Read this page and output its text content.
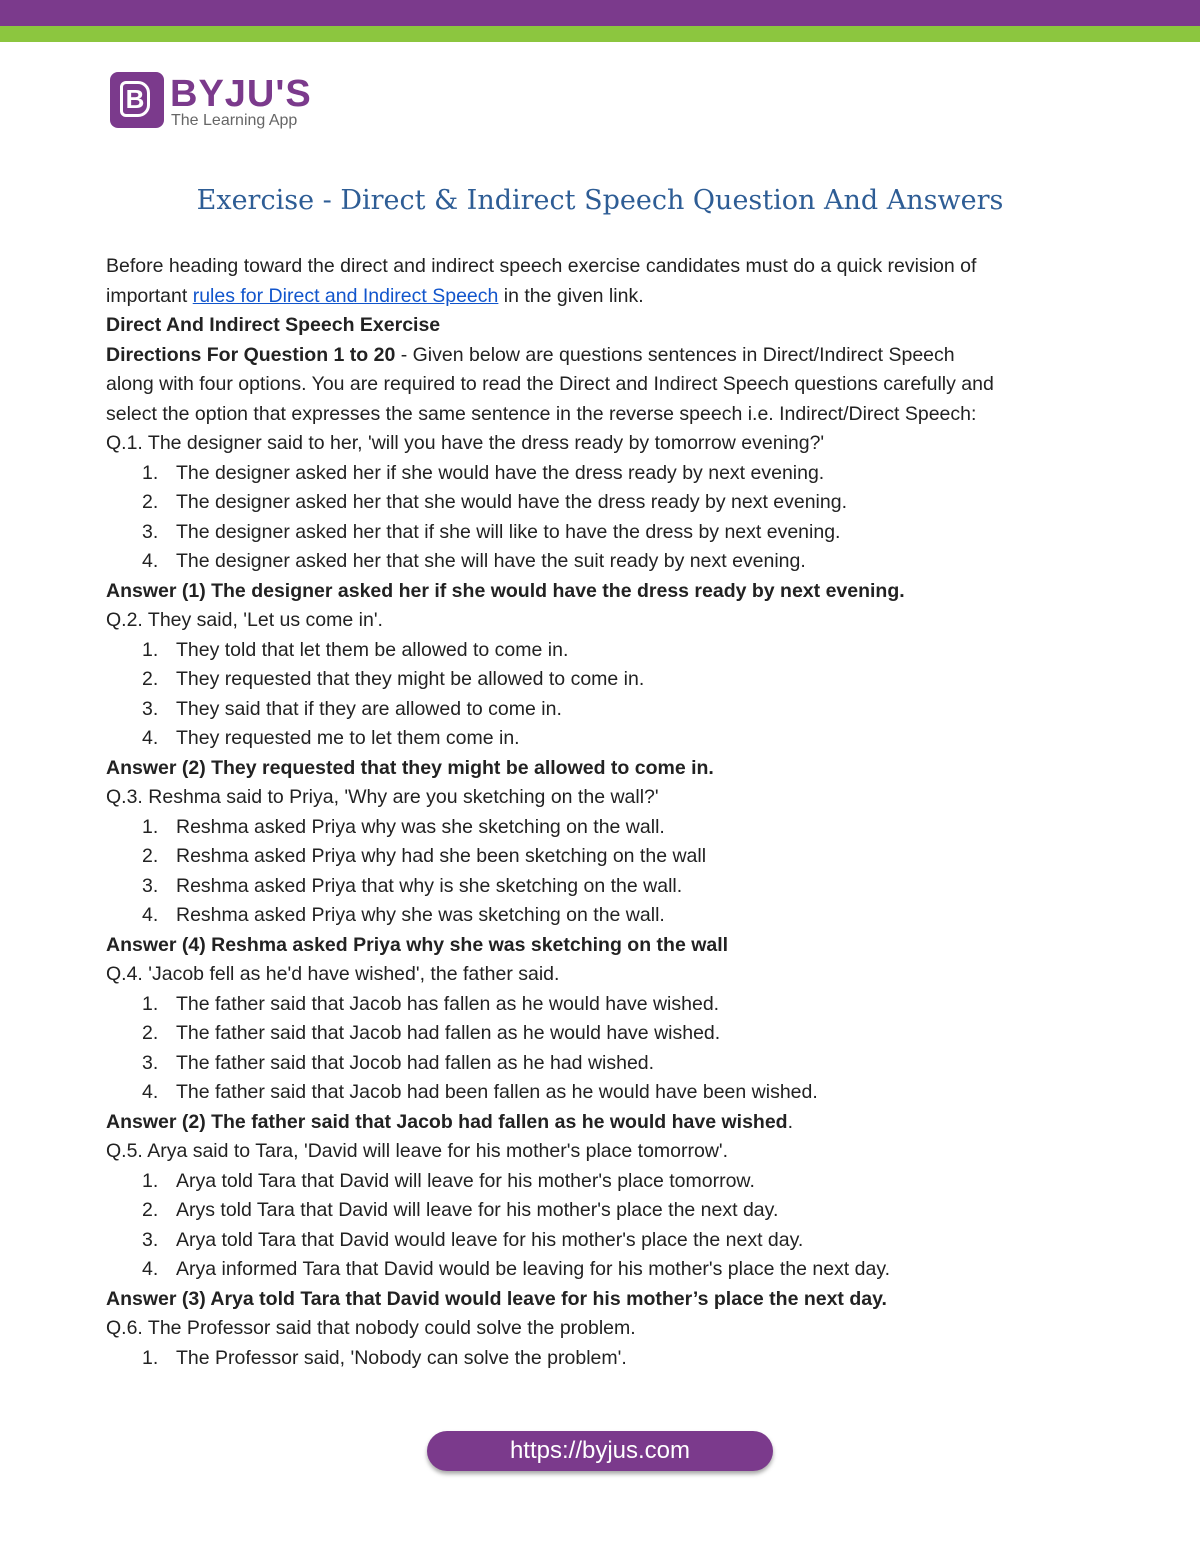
B BYJU'S
The Learning App
Exercise - Direct & Indirect Speech Question And Answers
Before heading toward the direct and indirect speech exercise candidates must do a quick revision of
important rules for Direct and Indirect Speech in the given link.
Direct And Indirect Speech Exercise
Directions For Question 1 to 20 - Given below are questions sentences in Direct/Indirect Speech
along with four options. You are required to read the Direct and Indirect Speech questions carefully and
select the option that expresses the same sentence in the reverse speech i.e. Indirect/Direct Speech:
Q.1. The designer said to her, 'will you have the dress ready by tomorrow evening?'
1. The designer asked her if she would have the dress ready by next evening.
2. The designer asked her that she would have the dress ready by next evening.
3. The designer asked her that if she will like to have the dress by next evening.
4. The designer asked her that she will have the suit ready by next evening.
Answer (1) The designer asked her if she would have the dress ready by next evening.
Q.2. They said, 'Let us come in'.
1. They told that let them be allowed to come in.
2. They requested that they might be allowed to come in.
3. They said that if they are allowed to come in.
4. They requested me to let them come in.
Answer (2) They requested that they might be allowed to come in.
Q.3. Reshma said to Priya, 'Why are you sketching on the wall?'
1. Reshma asked Priya why was she sketching on the wall.
2. Reshma asked Priya why had she been sketching on the wall
3. Reshma asked Priya that why is she sketching on the wall.
4. Reshma asked Priya why she was sketching on the wall.
Answer (4) Reshma asked Priya why she was sketching on the wall
Q.4. 'Jacob fell as he'd have wished', the father said.
1. The father said that Jacob has fallen as he would have wished.
2. The father said that Jacob had fallen as he would have wished.
3. The father said that Jocob had fallen as he had wished.
4. The father said that Jacob had been fallen as he would have been wished.
Answer (2) The father said that Jacob had fallen as he would have wished.
Q.5. Arya said to Tara, 'David will leave for his mother's place tomorrow'.
1. Arya told Tara that David will leave for his mother's place tomorrow.
2. Arys told Tara that David will leave for his mother's place the next day.
3. Arya told Tara that David would leave for his mother's place the next day.
4. Arya informed Tara that David would be leaving for his mother's place the next day.
Answer (3) Arya told Tara that David would leave for his mother’s place the next day.
Q.6. The Professor said that nobody could solve the problem.
1. The Professor said, 'Nobody can solve the problem'.
https://byjus.com
